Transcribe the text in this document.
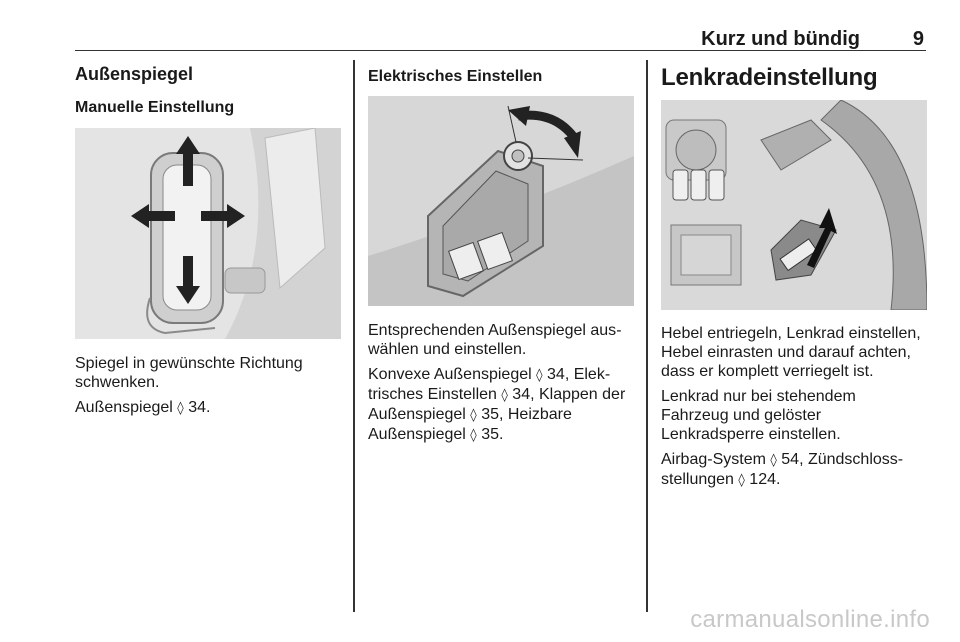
Kurz und bündig	9
Außenspiegel
Manuelle Einstellung

Spiegel in gewünschte Richtung schwenken.

Außenspiegel ◊ 34.

Elektrisches Einstellen

Entsprechenden Außenspiegel auswählen und einstellen.

Konvexe Außenspiegel ◊ 34, Elektrisches Einstellen ◊ 34, Klappen der Außenspiegel ◊ 35, Heizbare Außenspiegel ◊ 35.

Lenkradeinstellung

Hebel entriegeln, Lenkrad einstellen, Hebel einrasten und darauf achten, dass er komplett verriegelt ist.

Lenkrad nur bei stehendem Fahrzeug und gelöster Lenkradsperre einstellen.

Airbag-System ◊ 54, Zündschlossstellungen ◊ 124.

carmanualsonline.info
